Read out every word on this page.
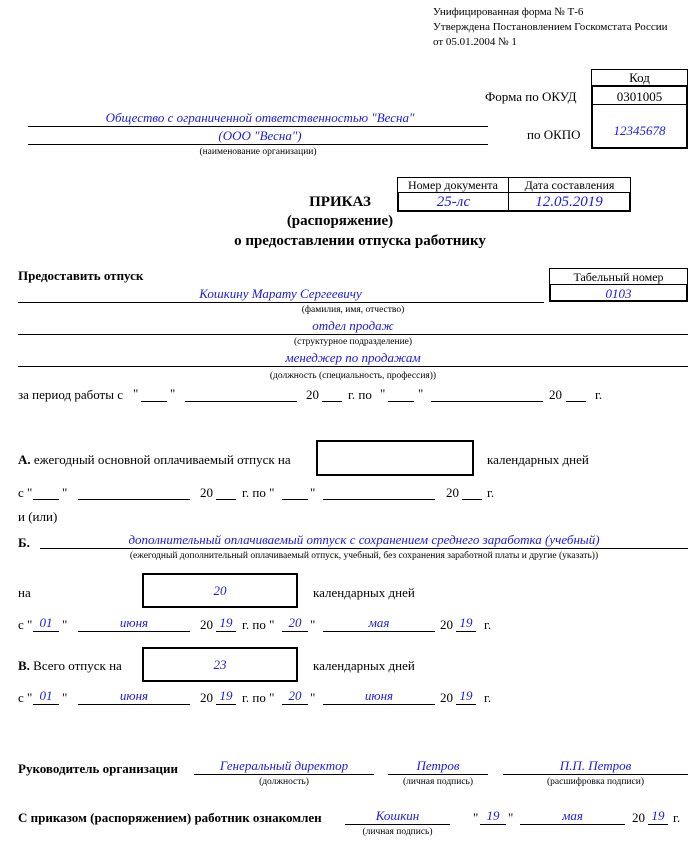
Унифицированная форма № Т-6
Утверждена Постановлением Госкомстата России
от 05.01.2004 № 1
Код
0301005
12345678
Форма по ОКУД
по ОКПО
Общество с ограниченной ответственностью "Весна"
(ООО "Весна")
(наименование организации)
Номер документа	Дата составления
25-лс	12.05.2019
ПРИКАЗ
(распоряжение)
о предоставлении отпуска работнику
Предоставить отпуск	Табельный номер
0103
Кошкину Марату Сергеевичу
(фамилия, имя, отчество)
отдел продаж
(структурное подразделение)
менеджер по продажам
(должность (специальность, профессия))
за период работы с " "	20 г. по "	"	20	г.
А. ежегодный основной оплачиваемый отпуск на	календарных дней
с " "	20 г. по "	"	20 г.
и (или)
Б.	дополнительный оплачиваемый отпуск с сохранением среднего заработка (учебный)
(ежегодный дополнительный оплачиваемый отпуск, учебный, без сохранения заработной платы и другие (указать))
на	20	календарных дней
с " 01 "	июня	20 19 г. по "	20 "	мая	20 19 г.
В. Всего отпуск на	23	календарных дней
с " 01 "	июня	20 19 г. по "	20 "	июня	20 19 г.
Руководитель организации	Генеральный директор	Петров	П.П. Петров
(должность)	(личная подпись)	(расшифровка подписи)
С приказом (распоряжением) работник ознакомлен	Кошкин
(личная подпись)
" 19 "	мая	20 19 г.
